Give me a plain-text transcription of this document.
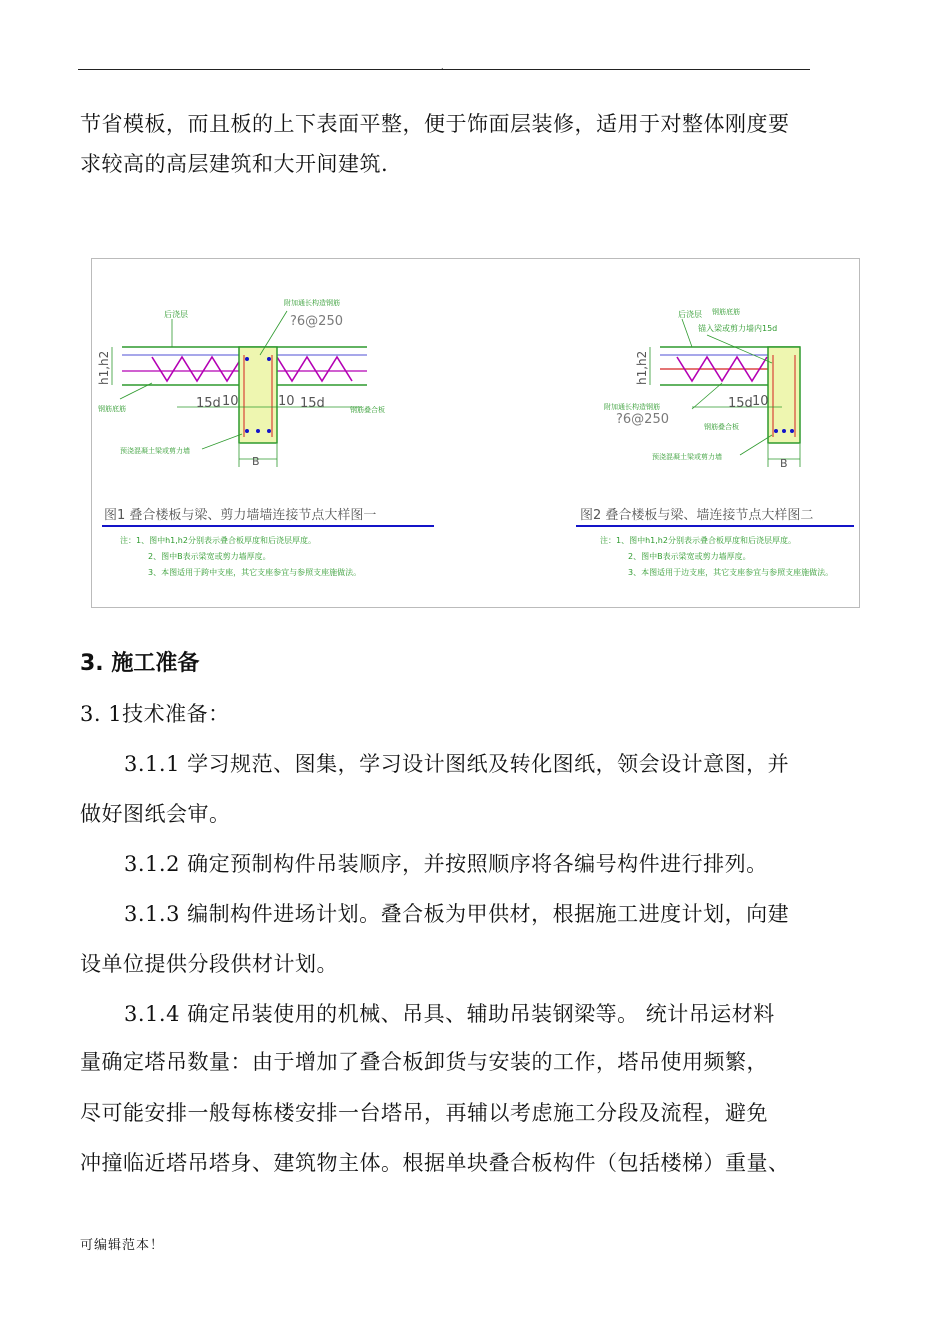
.
节省模板，而且板的上下表面平整，便于饰面层装修，适用于对整体刚度要
求较高的高层建筑和大开间建筑.
后浇层
附加通长构造钢筋
?6@250
h1,h2
钢筋底筋	15d 10	10 15d	钢筋叠合板
预浇混凝土梁或剪力墙
B
图1 叠合楼板与梁、剪力墙墙连接节点大样图一
注：1、图中h1,h2分别表示叠合板厚度和后浇层厚度。
2、图中B表示梁宽或剪力墙厚度。
3、本图适用于跨中支座，其它支座参宜与参照支座施做法。
后浇层 钢筋底筋
锚入梁或剪力墙内15d
h1,h2
附加通长构造钢筋
?6@250
15d 10
钢筋叠合板
预浇混凝土梁或剪力墙	B
图2 叠合楼板与梁、墙连接节点大样图二
注：1、图中h1,h2分别表示叠合板厚度和后浇层厚度。
2、图中B表示梁宽或剪力墙厚度。
3、本图适用于边支座，其它支座参宜与参照支座施做法。
3. 施工准备
3. 1技术准备：
3.1.1 学习规范、图集，学习设计图纸及转化图纸，领会设计意图，并
做好图纸会审。
3.1.2 确定预制构件吊装顺序，并按照顺序将各编号构件进行排列。
3.1.3 编制构件进场计划。叠合板为甲供材，根据施工进度计划，向建
设单位提供分段供材计划。
3.1.4 确定吊装使用的机械、吊具、辅助吊装钢梁等。 统计吊运材料
量确定塔吊数量：由于增加了叠合板卸货与安装的工作，塔吊使用频繁，
尽可能安排一般每栋楼安排一台塔吊，再辅以考虑施工分段及流程，避免
冲撞临近塔吊塔身、建筑物主体。根据单块叠合板构件（包括楼梯）重量、
可编辑范本！
